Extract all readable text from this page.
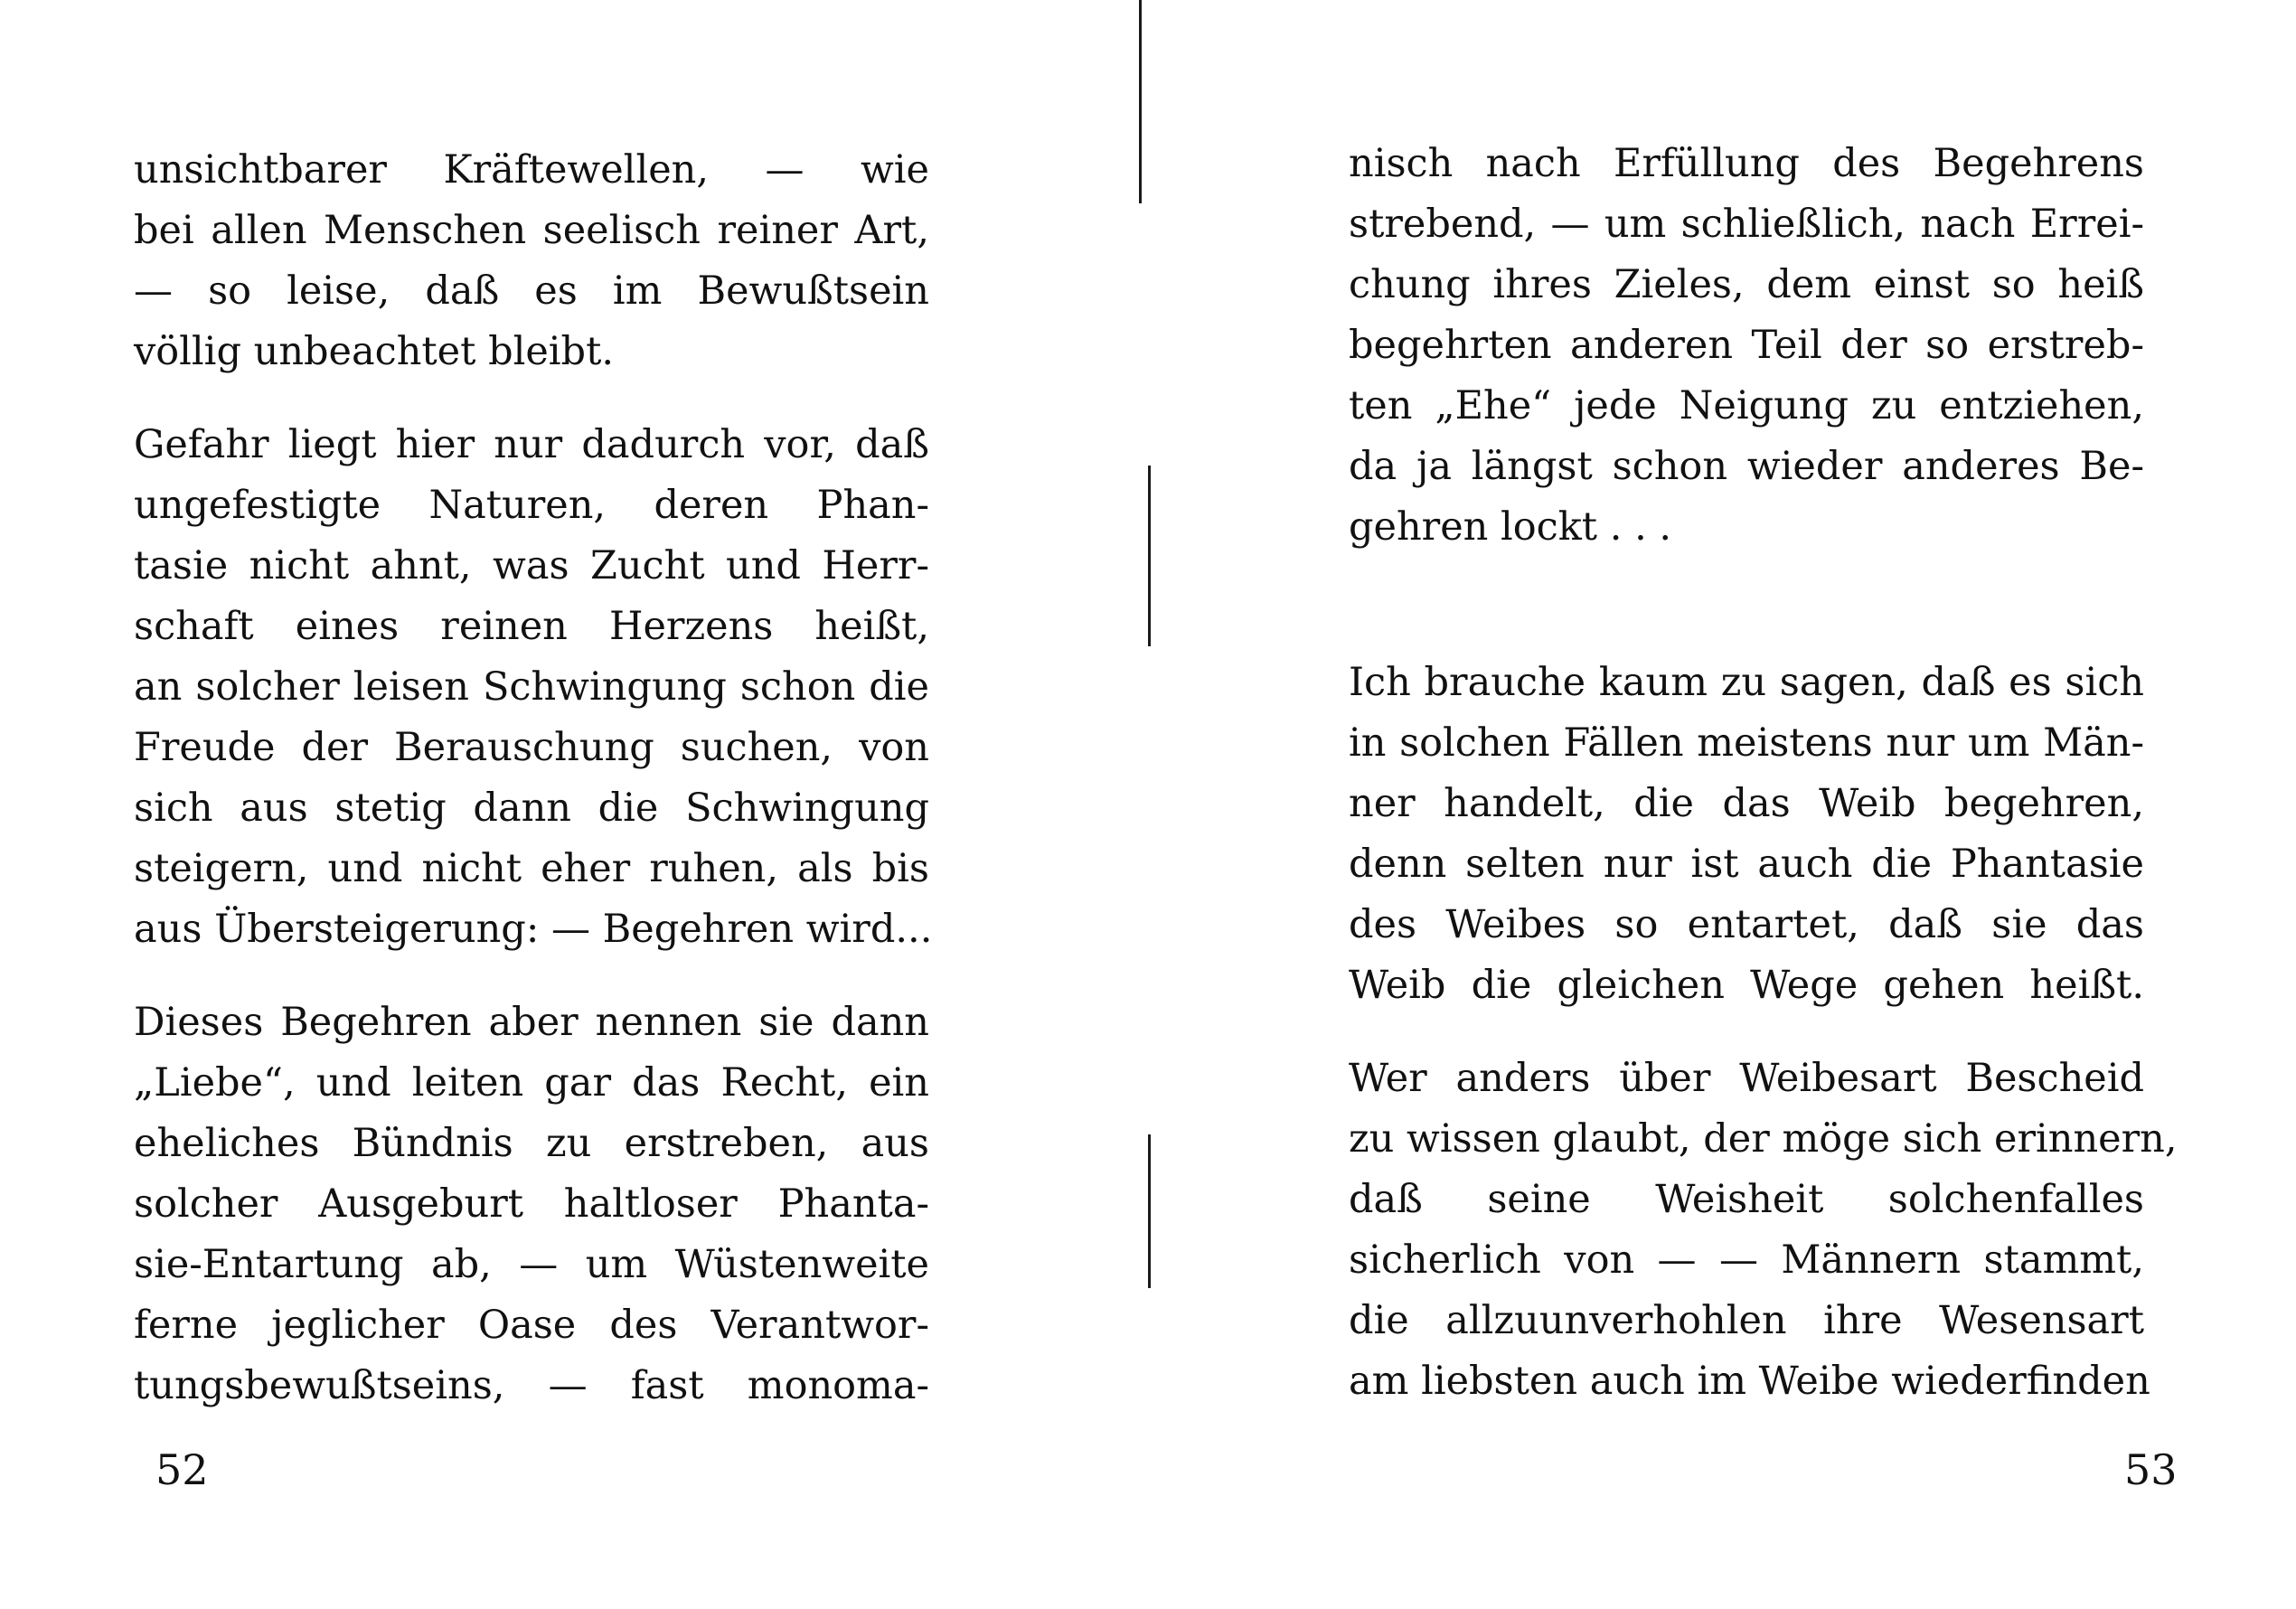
unsichtbarer Kräftewellen, — wie
bei allen Menschen seelisch reiner Art,
— so leise, daß es im Bewußtsein
völlig unbeachtet bleibt.

Gefahr liegt hier nur dadurch vor, daß
ungefestigte Naturen, deren Phan-
tasie nicht ahnt, was Zucht und Herr-
schaft eines reinen Herzens heißt,
an solcher leisen Schwingung schon die
Freude der Berauschung suchen, von
sich aus stetig dann die Schwingung
steigern, und nicht eher ruhen, als bis
aus Übersteigerung: — Begehren wird...

Dieses Begehren aber nennen sie dann
„Liebe“, und leiten gar das Recht, ein
eheliches Bündnis zu erstreben, aus
solcher Ausgeburt haltloser Phanta-
sie-Entartung ab, — um Wüstenweite
ferne jeglicher Oase des Verantwor-
tungsbewußtseins, — fast monoma-

52

nisch nach Erfüllung des Begehrens
strebend, — um schließlich, nach Errei-
chung ihres Zieles, dem einst so heiß
begehrten anderen Teil der so erstreb-
ten „Ehe“ jede Neigung zu entziehen,
da ja längst schon wieder anderes Be-
gehren lockt . . .

Ich brauche kaum zu sagen, daß es sich
in solchen Fällen meistens nur um Män-
ner handelt, die das Weib begehren,
denn selten nur ist auch die Phantasie
des Weibes so entartet, daß sie das
Weib die gleichen Wege gehen heißt.

Wer anders über Weibesart Bescheid
zu wissen glaubt, der möge sich erinnern,
daß seine Weisheit solchenfalles
sicherlich von — — Männern stammt,
die allzuunverhohlen ihre Wesensart
am liebsten auch im Weibe wiederfinden

53
